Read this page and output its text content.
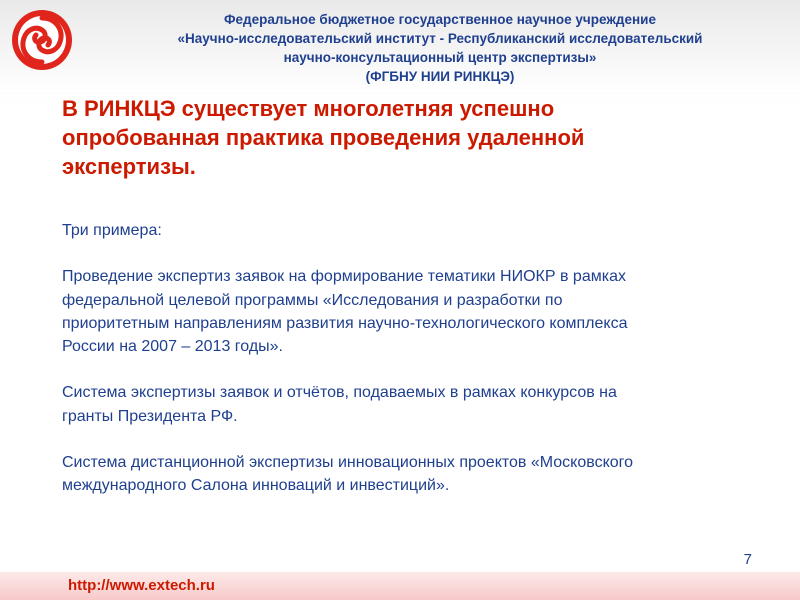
Федеральное бюджетное государственное научное учреждение
«Научно-исследовательский институт - Республиканский исследовательский
научно-консультационный центр экспертизы»
(ФГБНУ НИИ РИНКЦЭ)
В РИНКЦЭ существует многолетняя успешно
опробованная практика проведения удаленной
экспертизы.
Три примера:
Проведение экспертиз заявок на формирование тематики НИОКР в рамках
федеральной целевой программы «Исследования и разработки по
приоритетным направлениям развития научно-технологического комплекса
России на 2007 – 2013 годы».
Система экспертизы заявок и отчётов, подаваемых в рамках конкурсов на
гранты Президента РФ.
Система дистанционной экспертизы инновационных проектов «Московского
международного Салона инноваций и инвестиций».
7
http://www.extech.ru
